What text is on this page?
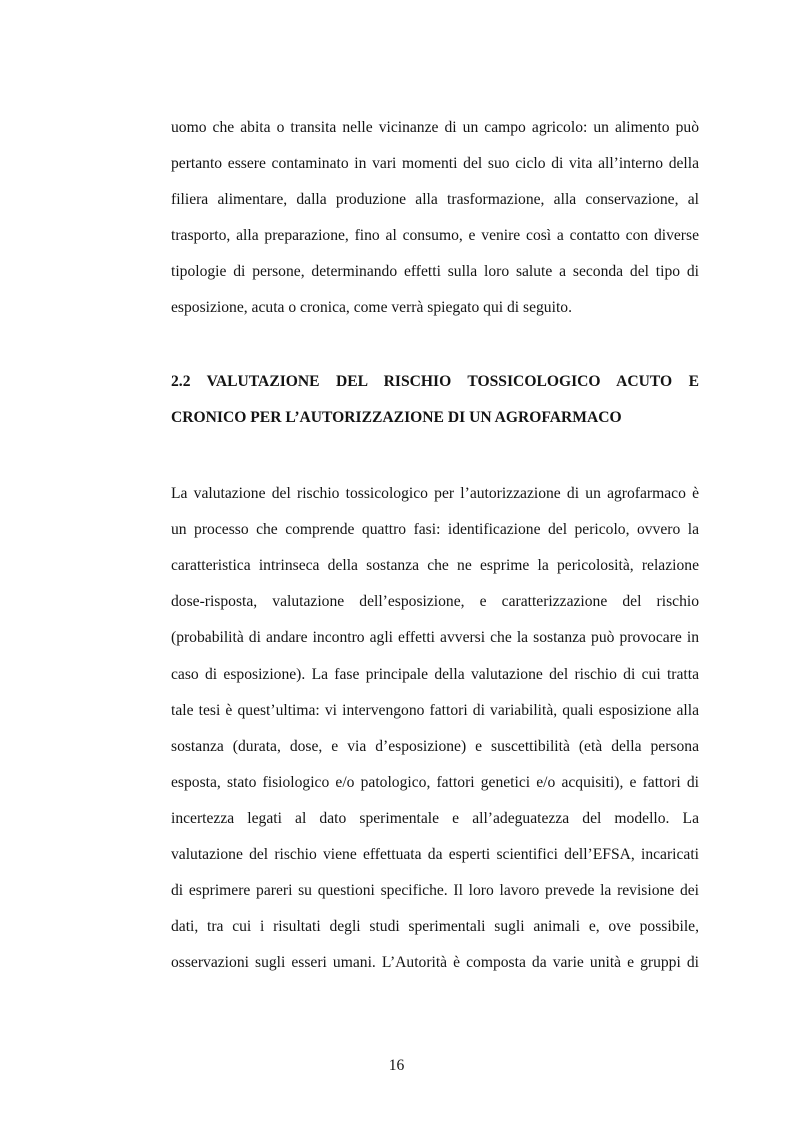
uomo che abita o transita nelle vicinanze di un campo agricolo: un alimento può
pertanto essere contaminato in vari momenti del suo ciclo di vita all’interno della
filiera alimentare, dalla produzione alla trasformazione, alla conservazione, al
trasporto, alla preparazione, fino al consumo, e venire così a contatto con diverse
tipologie di persone, determinando effetti sulla loro salute a seconda del tipo di
esposizione, acuta o cronica, come verrà spiegato qui di seguito.
2.2 VALUTAZIONE DEL RISCHIO TOSSICOLOGICO ACUTO E
CRONICO PER L’AUTORIZZAZIONE DI UN AGROFARMACO
La valutazione del rischio tossicologico per l’autorizzazione di un agrofarmaco è
un processo che comprende quattro fasi: identificazione del pericolo, ovvero la
caratteristica intrinseca della sostanza che ne esprime la pericolosità, relazione
dose-risposta, valutazione dell’esposizione, e caratterizzazione del rischio
(probabilità di andare incontro agli effetti avversi che la sostanza può provocare in
caso di esposizione). La fase principale della valutazione del rischio di cui tratta
tale tesi è quest’ultima: vi intervengono fattori di variabilità, quali esposizione alla
sostanza (durata, dose, e via d’esposizione) e suscettibilità (età della persona
esposta, stato fisiologico e/o patologico, fattori genetici e/o acquisiti), e fattori di
incertezza legati al dato sperimentale e all’adeguatezza del modello. La
valutazione del rischio viene effettuata da esperti scientifici dell’EFSA, incaricati
di esprimere pareri su questioni specifiche. Il loro lavoro prevede la revisione dei
dati, tra cui i risultati degli studi sperimentali sugli animali e, ove possibile,
osservazioni sugli esseri umani. L’Autorità è composta da varie unità e gruppi di
16
